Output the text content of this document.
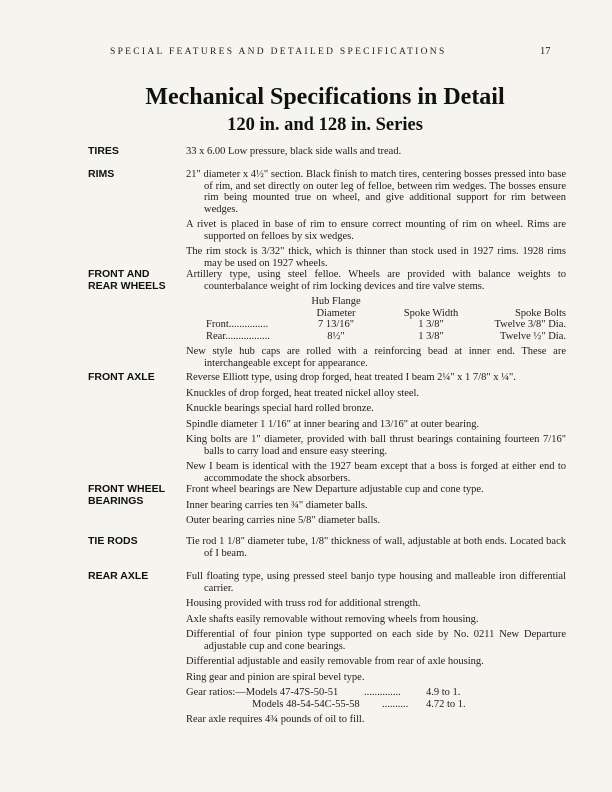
SPECIAL FEATURES AND DETAILED SPECIFICATIONS	17
Mechanical Specifications in Detail
120 in. and 128 in. Series
TIRES	33 x 6.00 Low pressure, black side walls and tread.

RIMS	21" diameter x 4½" section. Black finish to match tires, centering bosses pressed into base of rim, and set directly on outer leg of felloe, between rim wedges. The bosses ensure rim being mounted true on wheel, and give additional support for rim between wedges.

A rivet is placed in base of rim to ensure correct mounting of rim on wheel. Rims are supported on felloes by six wedges.

The rim stock is 3/32" thick, which is thinner than stock used in 1927 rims. 1928 rims may be used on 1927 wheels.

FRONT AND
REAR WHEELS

Artillery type, using steel felloe. Wheels are provided with balance weights to counterbalance weight of rim locking devices and tire valve stems.

Hub Flange
Diameter	Spoke Width	Spoke Bolts
Front...............	7 13/16"	1 3/8"	Twelve 3/8" Dia.
Rear.................	8½"	1 3/8"	Twelve ½" Dia.

New style hub caps are rolled with a reinforcing bead at inner end. These are interchangeable except for appearance.

FRONT AXLE	Reverse Elliott type, using drop forged, heat treated I beam 2¼" x 1 7/8" x ¼".

Knuckles of drop forged, heat treated nickel alloy steel.

Knuckle bearings special hard rolled bronze.

Spindle diameter 1 1/16" at inner bearing and 13/16" at outer bearing.

King bolts are 1" diameter, provided with ball thrust bearings containing fourteen 7/16" balls to carry load and ensure easy steering.

New I beam is identical with the 1927 beam except that a boss is forged at either end to accommodate the shock absorbers.

FRONT WHEEL
BEARINGS

Front wheel bearings are New Departure adjustable cup and cone type.

Inner bearing carries ten ¾" diameter balls.

Outer bearing carries nine 5/8" diameter balls.

TIE RODS	Tie rod 1 1/8" diameter tube, 1/8" thickness of wall, adjustable at both ends. Located back of I beam.

REAR AXLE	Full floating type, using pressed steel banjo type housing and malleable iron differential carrier.

Housing provided with truss rod for additional strength.

Axle shafts easily removable without removing wheels from housing.

Differential of four pinion type supported on each side by No. 0211 New Departure adjustable cup and cone bearings.

Differential adjustable and easily removable from rear of axle housing.

Ring gear and pinion are spiral bevel type.

Gear ratios:—Models 47-47S-50-51 .............. 4.9 to 1.
Models 48-54-54C-55-58 .......... 4.72 to 1.

Rear axle requires 4¾ pounds of oil to fill.
